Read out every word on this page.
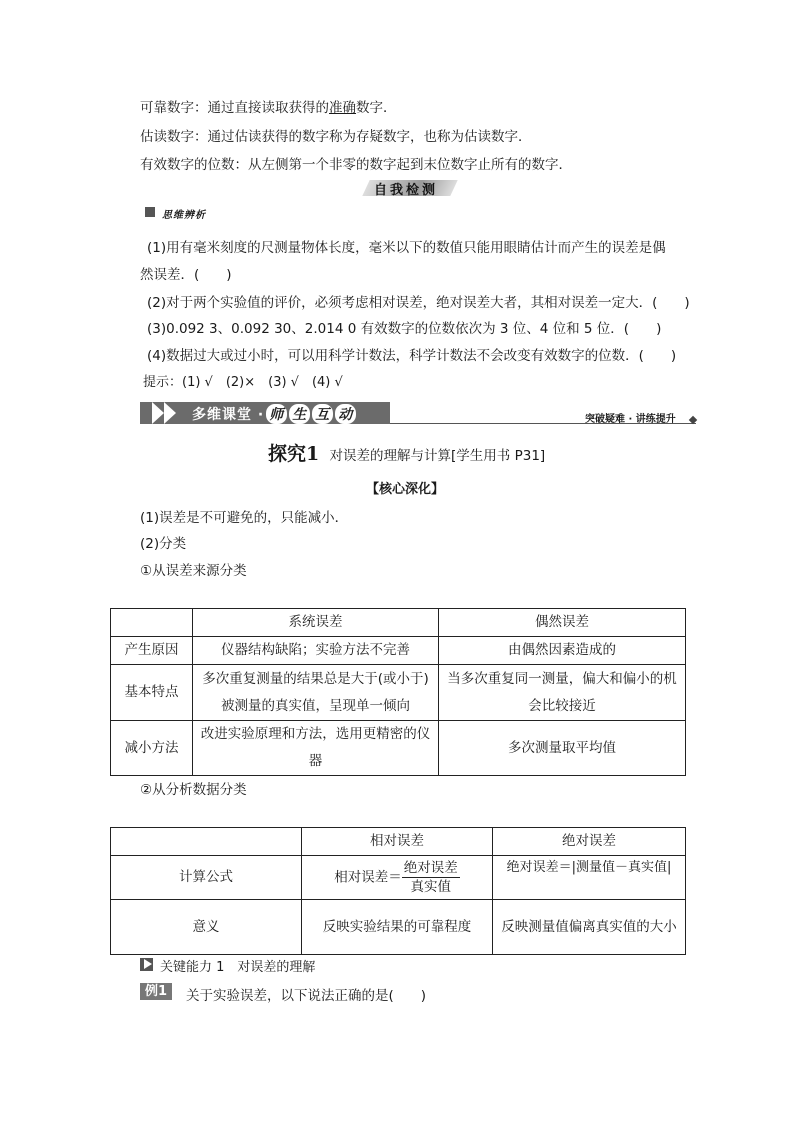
可靠数字：通过直接读取获得的准确数字．
估读数字：通过估读获得的数字称为存疑数字，也称为估读数字．
有效数字的位数：从左侧第一个非零的数字起到末位数字止所有的数字．
自我检测
思维辨析
(1)用有毫米刻度的尺测量物体长度，毫米以下的数值只能用眼睛估计而产生的误差是偶
然误差．(　　)
(2)对于两个实验值的评价，必须考虑相对误差，绝对误差大者，其相对误差一定大．(　　)
(3)0.092 3、0.092 30、2.014 0 有效数字的位数依次为 3 位、4 位和 5 位．(　　)
(4)数据过大或过小时，可以用科学计数法，科学计数法不会改变有效数字的位数．(　　)
提示：(1) √　(2)×　(3) √　(4) √
多维课堂 · 师 生 互 动	突破疑难 · 讲练提升
探究1 对误差的理解与计算[学生用书 P31]
【核心深化】
(1)误差是不可避免的，只能减小．
(2)分类
①从误差来源分类
	系统误差	偶然误差
产生原因	仪器结构缺陷；实验方法不完善	由偶然因素造成的
基本特点	多次重复测量的结果总是大于(或小于)被测量的真实值，呈现单一倾向	当多次重复同一测量，偏大和偏小的机会比较接近
减小方法	改进实验原理和方法，选用更精密的仪器	多次测量取平均值
②从分析数据分类
	相对误差	绝对误差
计算公式	相对误差＝ $\frac{\text{绝对误差}}{\text{真实值}}$	绝对误差＝|测量值－真实值|
意义	反映实验结果的可靠程度	反映测量值偏离真实值的大小
关键能力 1　对误差的理解
例1	关于实验误差，以下说法正确的是(　　)
